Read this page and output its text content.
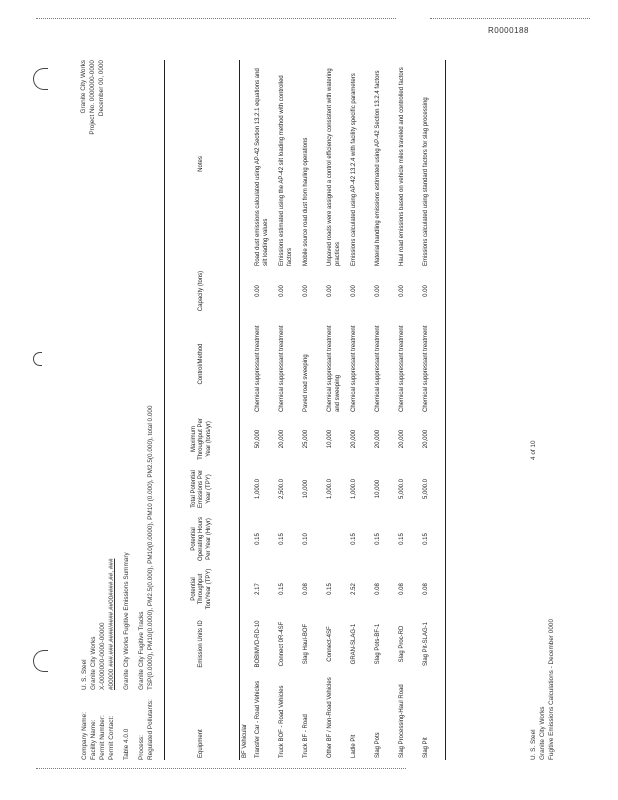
R0000188
Company Name:
U. S. Steel
Facility Name:
Granite City Works
Permit Number:
X-0000000-0000-00000
Permit Contact:
#00000 ###.###.####/####.##00####.##, ###
Table 4.0.0
Granite City Works Fugitive Emissions Summary
Process:
Granite City Fugitive Tracks
Regulated Pollutants:
TSP(0.0000), PM10(0.0000), PM2.5(0.000), PM10(0.0000), PM10 (0.000), PM2.5(0.000), total 0.000
Granite City Works Project No. 0000000-0000 December 00, 0000
Equipment	Emission Units ID	Potential Throughput Ton/Year (TPY)	Potential Operating Hours Per Year (Hr/yr)	Total Potential Emissions Per Year (TPY)	Maximum Throughput Per Year (tons/yr)	Control/Method	Capacity (tons)	Notes
BF Vehicular								
Transfer Car - Road Vehicles	BOBIMVD-RD-10	2.17	0.15	1,000.0	50,000	Chemical suppressant treatment	0.00	Road dust emissions calculated using AP-42 Section 13.2.1 equations and silt loading values
Truck BOF - Road Vehicles	Connect 0R-4SF	0.15	0.15	2,500.0	20,000	Chemical suppressant treatment	0.00	Emissions estimated using the AP-42 silt loading method with controlled factors
Truck BF - Road	Slag Haul-BOF	0.08	0.10	10,000	25,000	Paved road sweeping	0.00	Mobile source road dust from hauling operations
Other BF / Non-Road Vehicles	Connect-4SF	0.15		1,000.0	10,000	Chemical suppressant treatment and sweeping	0.00	Unpaved roads were assigned a control efficiency consistent with watering practices
Ladle Pit	GRAN-SLAG-1	2.52	0.15	1,000.0	20,000	Chemical suppressant treatment	0.00	Emissions calculated using AP-42 13.2.4 with facility specific parameters
Slag Pots	Slag Pots-BF-1	0.08	0.15	10,000	20,000	Chemical suppressant treatment	0.00	Material handling emissions estimated using AP-42 Section 13.2.4 factors
Slag Processing-Haul Road	Slag Proc-RD	0.08	0.15	5,000.0	20,000	Chemical suppressant treatment	0.00	Haul road emissions based on vehicle miles traveled and controlled factors
Slag Pit	Slag Pit-SLAG-1	0.08	0.15	5,000.0	20,000	Chemical suppressant treatment	0.00	Emissions calculated using standard factors for slag processing
U. S. Steel Granite City Works Fugitive Emissions Calculations - December 0000
4 of 10
